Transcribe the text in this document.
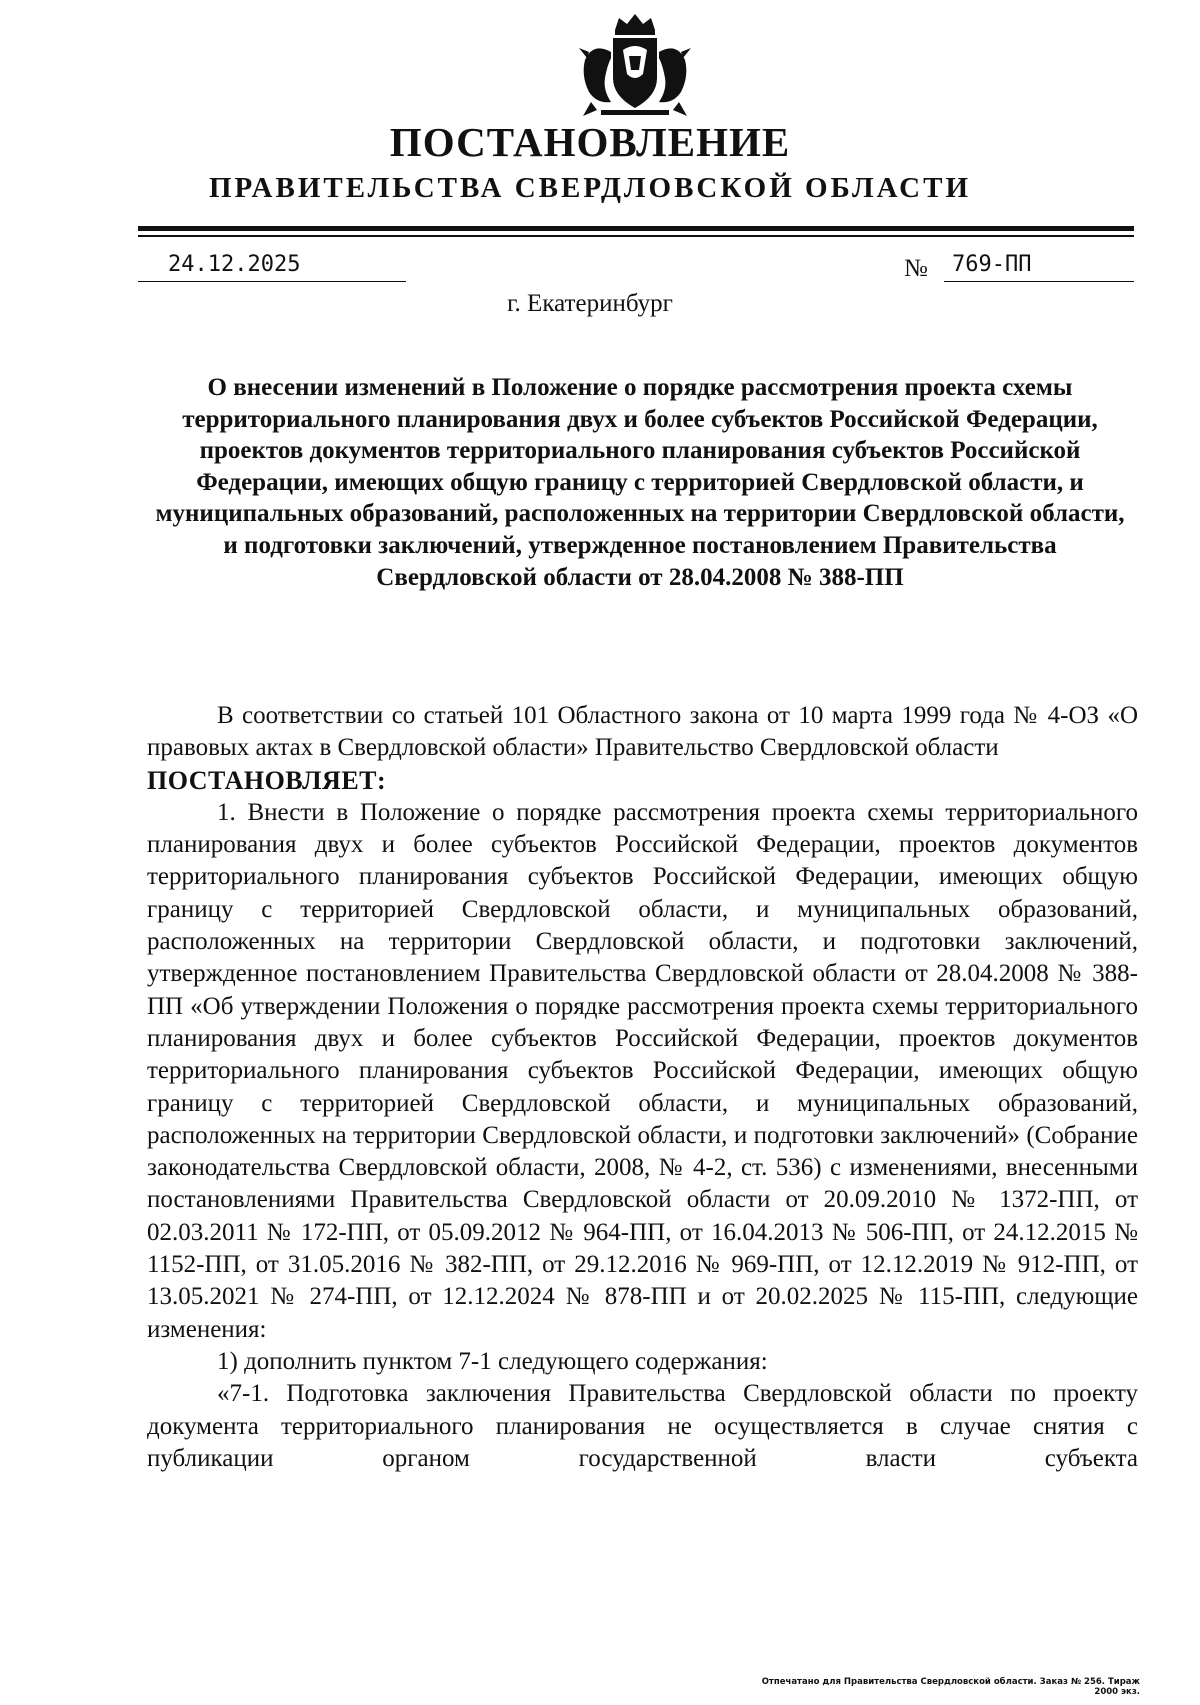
ПОСТАНОВЛЕНИЕ
ПРАВИТЕЛЬСТВА СВЕРДЛОВСКОЙ ОБЛАСТИ
24.12.2025	№	769-ПП
г. Екатеринбург

О внесении изменений в Положение о порядке рассмотрения проекта схемы территориального планирования двух и более субъектов Российской Федерации, проектов документов территориального планирования субъектов Российской Федерации, имеющих общую границу с территорией Свердловской области, и муниципальных образований, расположенных на территории Свердловской области, и подготовки заключений, утвержденное постановлением Правительства Свердловской области от 28.04.2008 № 388-ПП

В соответствии со статьей 101 Областного закона от 10 марта 1999 года № 4-ОЗ «О правовых актах в Свердловской области» Правительство Свердловской области

ПОСТАНОВЛЯЕТ:

1. Внести в Положение о порядке рассмотрения проекта схемы территориального планирования двух и более субъектов Российской Федерации, проектов документов территориального планирования субъектов Российской Федерации, имеющих общую границу с территорией Свердловской области, и муниципальных образований, расположенных на территории Свердловской области, и подготовки заключений, утвержденное постановлением Правительства Свердловской области от 28.04.2008 № 388-ПП «Об утверждении Положения о порядке рассмотрения проекта схемы территориального планирования двух и более субъектов Российской Федерации, проектов документов территориального планирования субъектов Российской Федерации, имеющих общую границу с территорией Свердловской области, и муниципальных образований, расположенных на территории Свердловской области, и подготовки заключений» (Собрание законодательства Свердловской области, 2008, № 4-2, ст. 536) с изменениями, внесенными постановлениями Правительства Свердловской области от 20.09.2010 № 1372-ПП, от 02.03.2011 № 172-ПП, от 05.09.2012 № 964-ПП, от 16.04.2013 № 506-ПП, от 24.12.2015 № 1152-ПП, от 31.05.2016 № 382-ПП, от 29.12.2016 № 969-ПП, от 12.12.2019 № 912-ПП, от 13.05.2021 № 274-ПП, от 12.12.2024 № 878-ПП и от 20.02.2025 № 115-ПП, следующие изменения:

1) дополнить пунктом 7-1 следующего содержания:

«7-1. Подготовка заключения Правительства Свердловской области по проекту документа территориального планирования не осуществляется в случае снятия с публикации органом государственной власти субъекта

Отпечатано для Правительства Свердловской области. Заказ № 256. Тираж 2000 экз.
